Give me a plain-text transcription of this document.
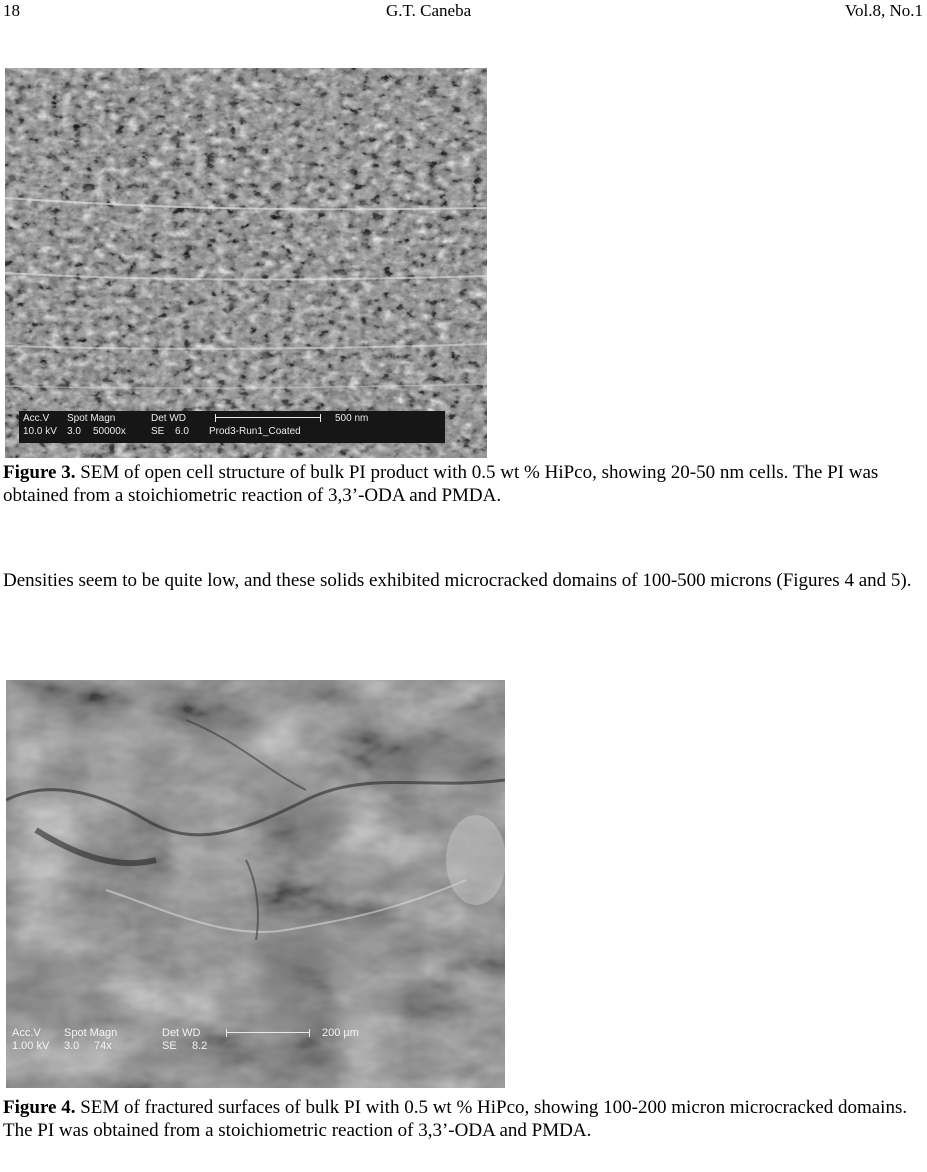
18	G.T. Caneba	Vol.8, No.1
Acc.V Spot Magn	Det WD	500 nm
10.0 kV 3.0 50000x	SE 6.0 Prod3-Run1_Coated
Figure 3. SEM of open cell structure of bulk PI product with 0.5 wt % HiPco, showing 20-50 nm cells. The PI was obtained from a stoichiometric reaction of 3,3’-ODA and PMDA.
Densities seem to be quite low, and these solids exhibited microcracked domains of 100-500 microns (Figures 4 and 5).
Acc.V Spot Magn	Det WD	200 µm
1.00 kV 3.0 74x	SE 8.2
Figure 4. SEM of fractured surfaces of bulk PI with 0.5 wt % HiPco, showing 100-200 micron microcracked domains. The PI was obtained from a stoichiometric reaction of 3,3’-ODA and PMDA.
